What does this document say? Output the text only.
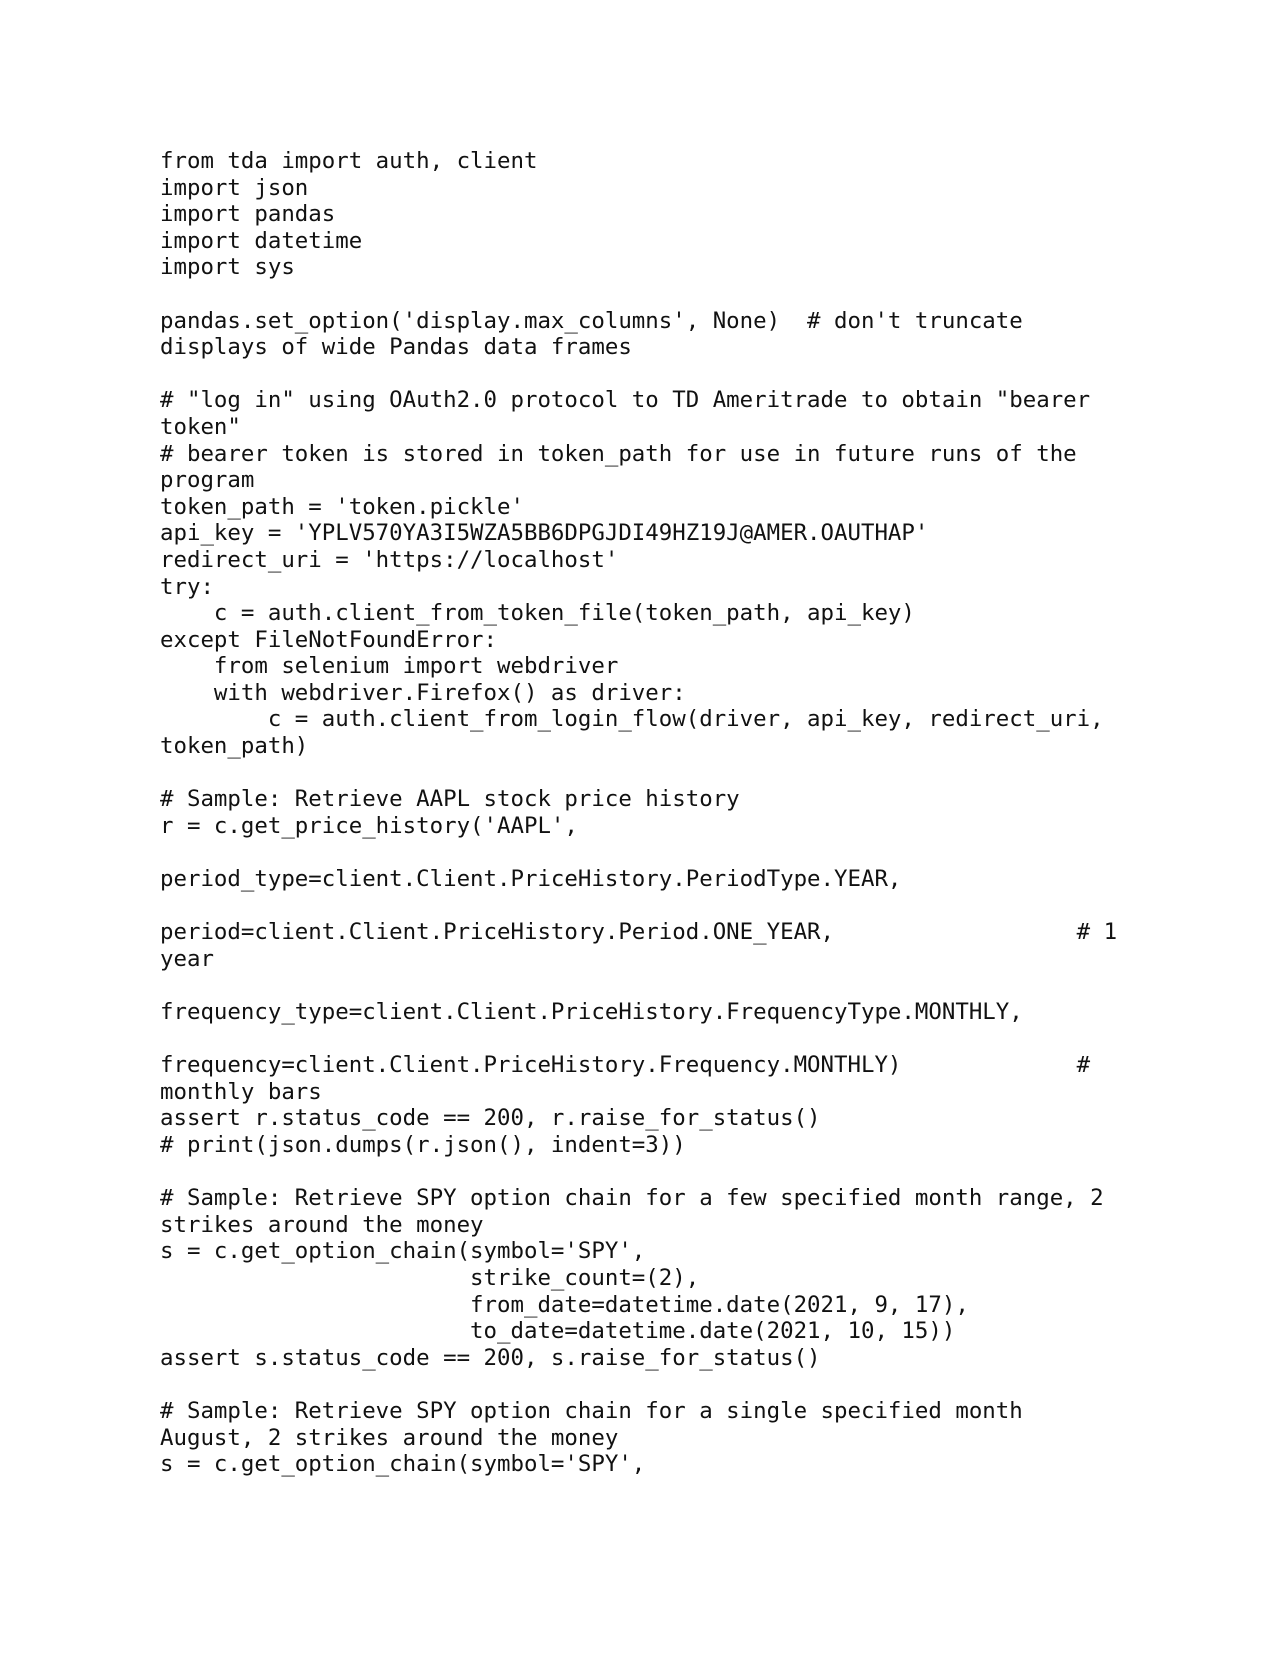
from tda import auth, client
import json
import pandas
import datetime
import sys
pandas.set_option('display.max_columns', None)  # don't truncate
displays of wide Pandas data frames
# "log in" using OAuth2.0 protocol to TD Ameritrade to obtain "bearer
token"
# bearer token is stored in token_path for use in future runs of the
program
token_path = 'token.pickle'
api_key = 'YPLV570YA3I5WZA5BB6DPGJDI49HZ19J@AMER.OAUTHAP'
redirect_uri = 'https://localhost'
try:
c = auth.client_from_token_file(token_path, api_key)
except FileNotFoundError:
from selenium import webdriver
with webdriver.Firefox() as driver:
c = auth.client_from_login_flow(driver, api_key, redirect_uri,
token_path)
# Sample: Retrieve AAPL stock price history
r = c.get_price_history('AAPL',
period_type=client.Client.PriceHistory.PeriodType.YEAR,
period=client.Client.PriceHistory.Period.ONE_YEAR,                  # 1
year
frequency_type=client.Client.PriceHistory.FrequencyType.MONTHLY,
frequency=client.Client.PriceHistory.Frequency.MONTHLY)             #
monthly bars
assert r.status_code == 200, r.raise_for_status()
# print(json.dumps(r.json(), indent=3))
# Sample: Retrieve SPY option chain for a few specified month range, 2
strikes around the money
s = c.get_option_chain(symbol='SPY',
strike_count=(2),
from_date=datetime.date(2021, 9, 17),
to_date=datetime.date(2021, 10, 15))
assert s.status_code == 200, s.raise_for_status()
# Sample: Retrieve SPY option chain for a single specified month
August, 2 strikes around the money
s = c.get_option_chain(symbol='SPY',
